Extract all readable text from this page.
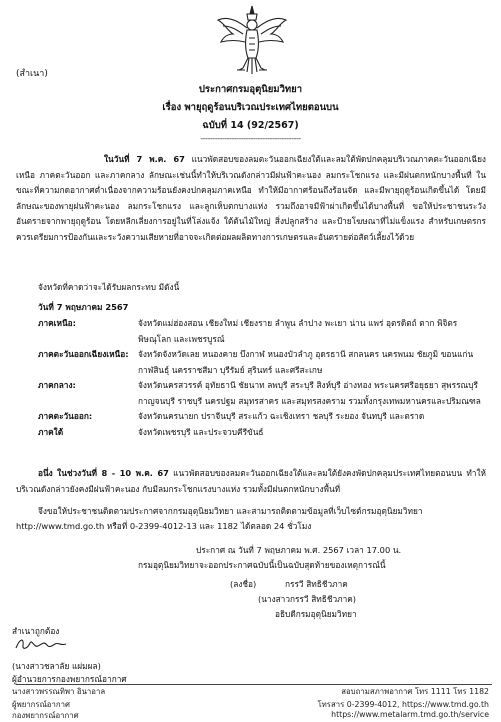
(สำเนา)
ประกาศกรมอุตุนิยมวิทยา
เรื่อง พายุฤดูร้อนบริเวณประเทศไทยตอนบน
ฉบับที่ 14 (92/2567)
------------------------------------------
ในวันที่ 7 พ.ค. 67 แนวพัดสอบของลมตะวันออกเฉียงใต้และลมใต้พัดปกคลุมบริเวณภาคตะวันออกเฉียงเหนือ ภาคตะวันออก และภาคกลาง ลักษณะเช่นนี้ทำให้บริเวณดังกล่าวมีฝนฟ้าคะนอง ลมกระโชกแรง และมีฝนตกหนักบางพื้นที่ ในขณะที่ความกดอากาศต่ำเนื่องจากความร้อนยังคงปกคลุมภาคเหนือ ทำให้มีอากาศร้อนถึงร้อนจัด และมีพายุฤดูร้อนเกิดขึ้นได้ โดยมีลักษณะของพายุฝนฟ้าคะนอง ลมกระโชกแรง และลูกเห็บตกบางแห่ง รวมถึงอาจมีฟ้าผ่าเกิดขึ้นได้บางพื้นที่ ขอให้ประชาชนระวังอันตรายจากพายุฤดูร้อน โดยหลีกเลี่ยงการอยู่ในที่โล่งแจ้ง ใต้ต้นไม้ใหญ่ สิ่งปลูกสร้าง และป้ายโฆษณาที่ไม่แข็งแรง สำหรับเกษตรกรควรเตรียมการป้องกันและระวังความเสียหายที่อาจจะเกิดต่อผลผลิตทางการเกษตรและอันตรายต่อสัตว์เลี้ยงไว้ด้วย
จังหวัดที่คาดว่าจะได้รับผลกระทบ มีดังนี้
วันที่ 7 พฤษภาคม 2567
ภาคเหนือ:	จังหวัดแม่ฮ่องสอน เชียงใหม่ เชียงราย ลำพูน ลำปาง พะเยา น่าน แพร่ อุตรดิตถ์ ตาก พิจิตร พิษณุโลก และเพชรบูรณ์
ภาคตะวันออกเฉียงเหนือ:	จังหวัดจังหวัดเลย หนองคาย บึงกาฬ หนองบัวลำภู อุดรธานี สกลนคร นครพนม ชัยภูมิ ขอนแก่น กาฬสินธุ์ นครราชสีมา บุรีรัมย์ สุรินทร์ และศรีสะเกษ
ภาคกลาง:	จังหวัดนครสวรรค์ อุทัยธานี ชัยนาท ลพบุรี สระบุรี สิงห์บุรี อ่างทอง พระนครศรีอยุธยา สุพรรณบุรี กาญจนบุรี ราชบุรี นครปฐม สมุทรสาคร และสมุทรสงคราม รวมทั้งกรุงเทพมหานครและปริมณฑล
ภาคตะวันออก:	จังหวัดนครนายก ปราจีนบุรี สระแก้ว ฉะเชิงเทรา ชลบุรี ระยอง จันทบุรี และตราด
ภาคใต้	จังหวัดเพชรบุรี และประจวบคีรีขันธ์
อนึ่ง ในช่วงวันที่ 8 - 10 พ.ค. 67 แนวพัดสอบของลมตะวันออกเฉียงใต้และลมใต้ยังคงพัดปกคลุมประเทศไทยตอนบน ทำให้บริเวณดังกล่าวยังคงมีฝนฟ้าคะนอง กับมีลมกระโชกแรงบางแห่ง รวมทั้งมีฝนตกหนักบางพื้นที่
จึงขอให้ประชาชนติดตามประกาศจากกรมอุตุนิยมวิทยา และสามารถติดตามข้อมูลที่เว็บไซต์กรมอุตุนิยมวิทยา
http://www.tmd.go.th หรือที่ 0-2399-4012-13 และ 1182 ได้ตลอด 24 ชั่วโมง
ประกาศ ณ วันที่ 7 พฤษภาคม พ.ศ. 2567 เวลา 17.00 น.
กรมอุตุนิยมวิทยาจะออกประกาศฉบับนี้เป็นฉบับสุดท้ายของเหตุการณ์นี้
(ลงชื่อ)	กรรวี สิทธิชีวภาค
(นางสาวกรรวี สิทธิชีวภาค)
อธิบดีกรมอุตุนิยมวิทยา
สำเนาถูกต้อง
(นางสาวชลาลัย แผ่มผล)
ผู้อำนวยการกองพยากรณ์อากาศ
นางสาวพรรณทิพา อินาอาล
ผู้พยากรณ์อากาศ
กองพยากรณ์อากาศ
สอบถามสภาพอากาศ โทร 1111 โทร 1182
โทรสาร 0-2399-4012, https://www.tmd.go.th
https://www.metalarm.tmd.go.th/service
